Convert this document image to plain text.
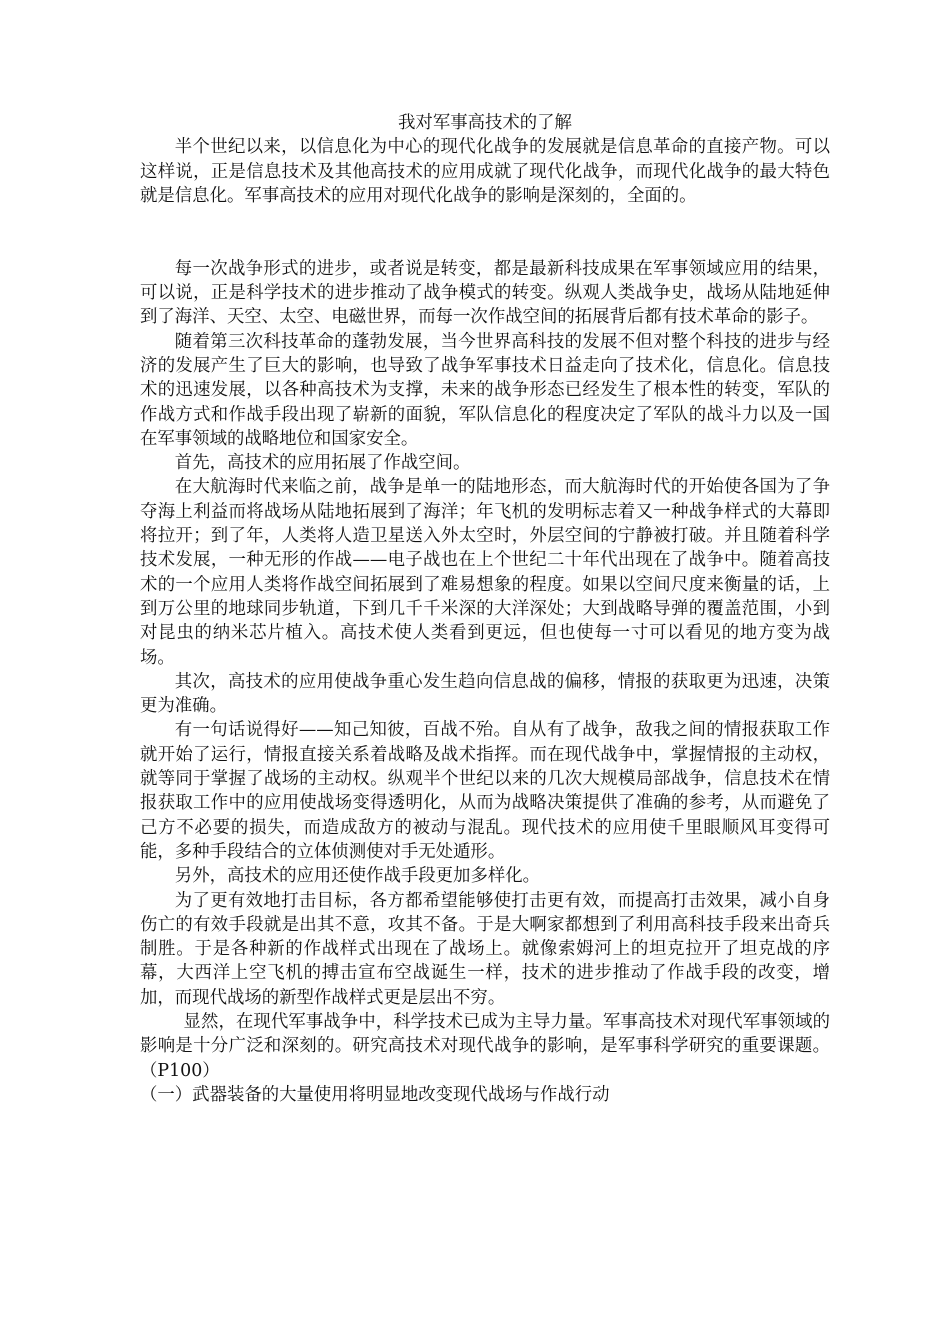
我对军事高技术的了解

半个世纪以来，以信息化为中心的现代化战争的发展就是信息革命的直接产物。可以这样说，正是信息技术及其他高技术的应用成就了现代化战争，而现代化战争的最大特色就是信息化。军事高技术的应用对现代化战争的影响是深刻的，全面的。

每一次战争形式的进步，或者说是转变，都是最新科技成果在军事领域应用的结果，可以说，正是科学技术的进步推动了战争模式的转变。纵观人类战争史，战场从陆地延伸到了海洋、天空、太空、电磁世界，而每一次作战空间的拓展背后都有技术革命的影子。

随着第三次科技革命的蓬勃发展，当今世界高科技的发展不但对整个科技的进步与经济的发展产生了巨大的影响，也导致了战争军事技术日益走向了技术化，信息化。信息技术的迅速发展，以各种高技术为支撑，未来的战争形态已经发生了根本性的转变，军队的作战方式和作战手段出现了崭新的面貌，军队信息化的程度决定了军队的战斗力以及一国在军事领域的战略地位和国家安全。

首先，高技术的应用拓展了作战空间。

在大航海时代来临之前，战争是单一的陆地形态，而大航海时代的开始使各国为了争夺海上利益而将战场从陆地拓展到了海洋；年飞机的发明标志着又一种战争样式的大幕即将拉开；到了年，人类将人造卫星送入外太空时，外层空间的宁静被打破。并且随着科学技术发展，一种无形的作战——电子战也在上个世纪二十年代出现在了战争中。随着高技术的一个应用人类将作战空间拓展到了难易想象的程度。如果以空间尺度来衡量的话，上到万公里的地球同步轨道，下到几千千米深的大洋深处；大到战略导弹的覆盖范围，小到对昆虫的纳米芯片植入。高技术使人类看到更远，但也使每一寸可以看见的地方变为战场。

其次，高技术的应用使战争重心发生趋向信息战的偏移，情报的获取更为迅速，决策更为准确。

有一句话说得好——知己知彼，百战不殆。自从有了战争，敌我之间的情报获取工作就开始了运行，情报直接关系着战略及战术指挥。而在现代战争中，掌握情报的主动权，就等同于掌握了战场的主动权。纵观半个世纪以来的几次大规模局部战争，信息技术在情报获取工作中的应用使战场变得透明化，从而为战略决策提供了准确的参考，从而避免了己方不必要的损失，而造成敌方的被动与混乱。现代技术的应用使千里眼顺风耳变得可能，多种手段结合的立体侦测使对手无处遁形。

另外，高技术的应用还使作战手段更加多样化。

为了更有效地打击目标，各方都希望能够使打击更有效，而提高打击效果，减小自身伤亡的有效手段就是出其不意，攻其不备。于是大啊家都想到了利用高科技手段来出奇兵制胜。于是各种新的作战样式出现在了战场上。就像索姆河上的坦克拉开了坦克战的序幕，大西洋上空飞机的搏击宣布空战诞生一样，技术的进步推动了作战手段的改变，增加，而现代战场的新型作战样式更是层出不穷。

显然，在现代军事战争中，科学技术已成为主导力量。军事高技术对现代军事领域的影响是十分广泛和深刻的。研究高技术对现代战争的影响，是军事科学研究的重要课题。（P100）

（一）武器装备的大量使用将明显地改变现代战场与作战行动
